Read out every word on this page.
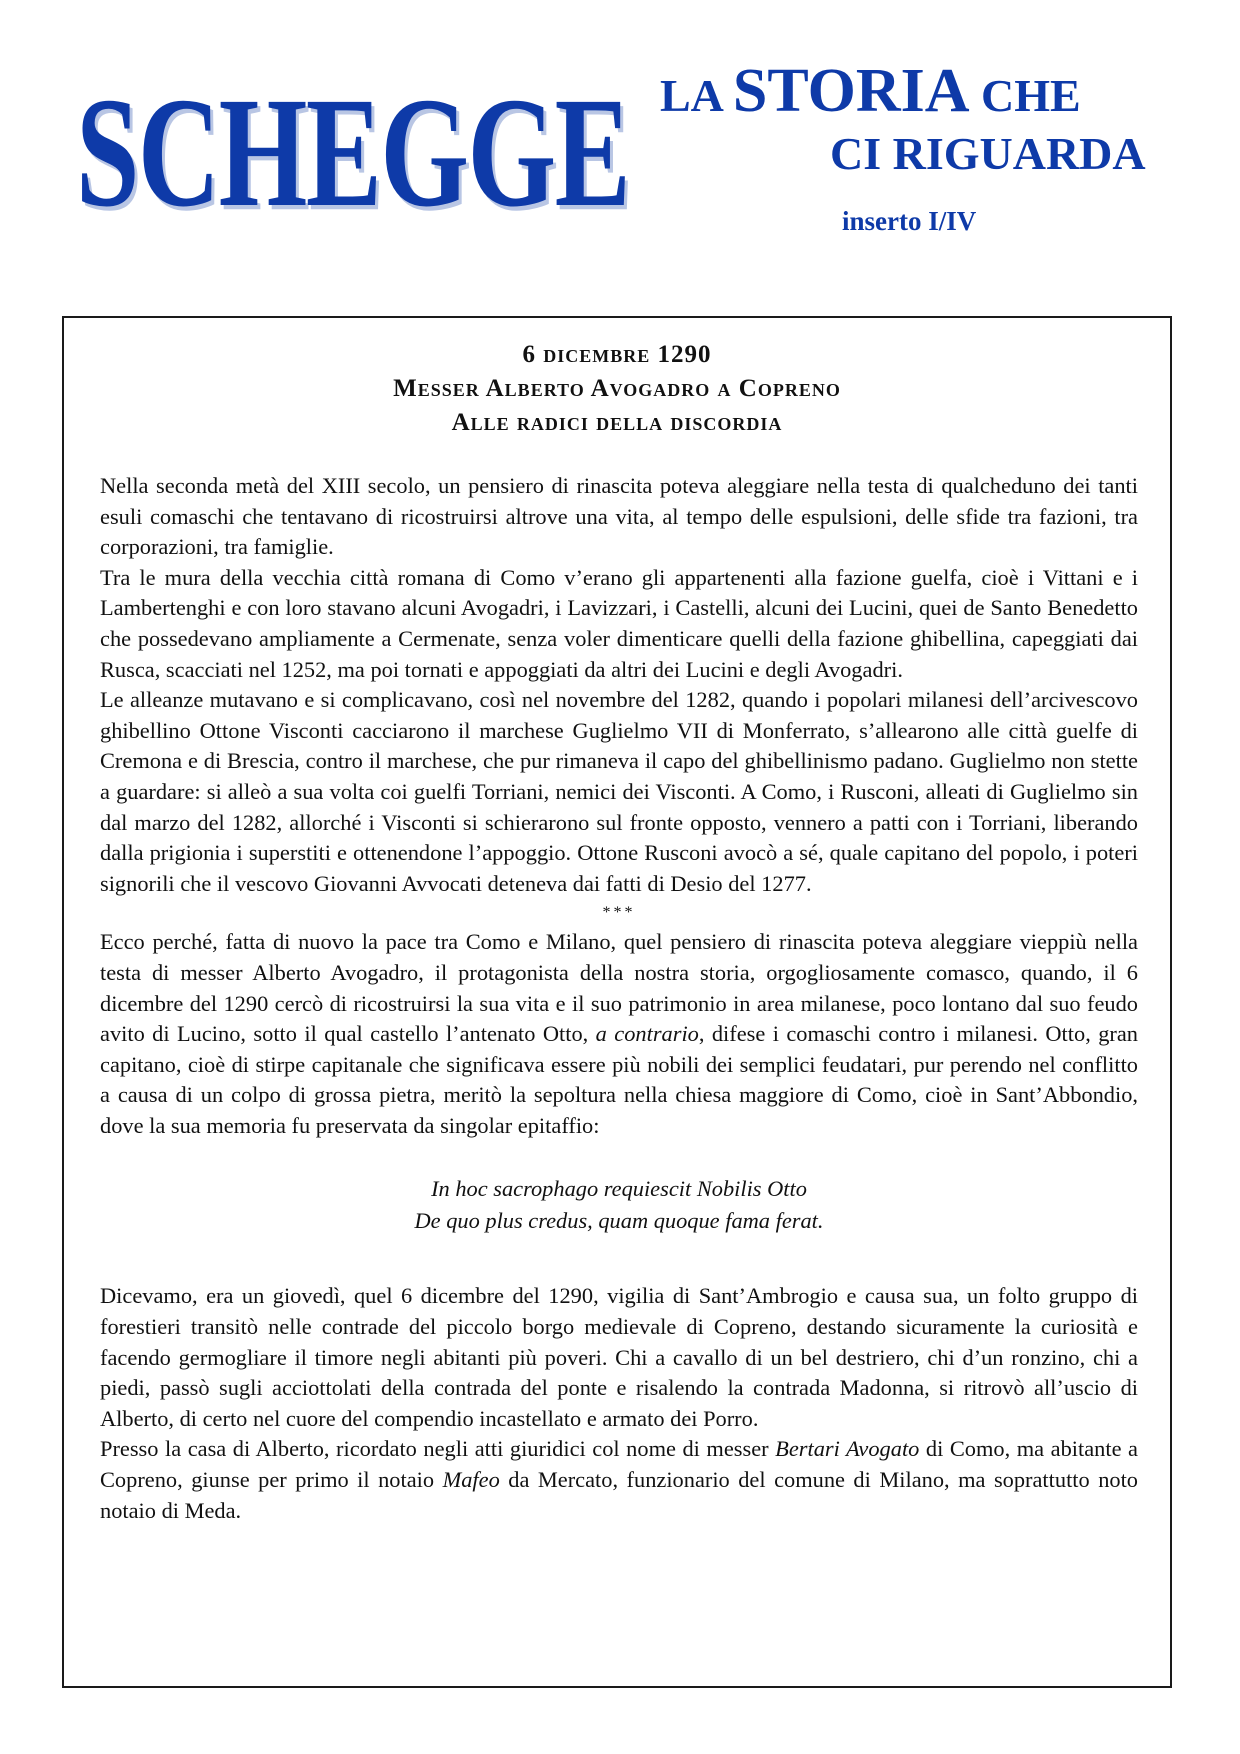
SCHEGGE LA STORIA CHE
CI RIGUARDA
inserto I/IV
6 dicembre 1290
Messer Alberto Avogadro a Copreno
Alle radici della discordia

Nella seconda metà del XIII secolo, un pensiero di rinascita poteva aleggiare nella testa di qualcheduno dei tanti esuli comaschi che tentavano di ricostruirsi altrove una vita, al tempo delle espulsioni, delle sfide tra fazioni, tra corporazioni, tra famiglie.

Tra le mura della vecchia città romana di Como v’erano gli appartenenti alla fazione guelfa, cioè i Vittani e i Lambertenghi e con loro stavano alcuni Avogadri, i Lavizzari, i Castelli, alcuni dei Lucini, quei de Santo Benedetto che possedevano ampliamente a Cermenate, senza voler dimenticare quelli della fazione ghibellina, capeggiati dai Rusca, scacciati nel 1252, ma poi tornati e appoggiati da altri dei Lucini e degli Avogadri.

Le alleanze mutavano e si complicavano, così nel novembre del 1282, quando i popolari milanesi dell’arcivescovo ghibellino Ottone Visconti cacciarono il marchese Guglielmo VII di Monferrato, s’allearono alle città guelfe di Cremona e di Brescia, contro il marchese, che pur rimaneva il capo del ghibellinismo padano. Guglielmo non stette a guardare: si alleò a sua volta coi guelfi Torriani, nemici dei Visconti. A Como, i Rusconi, alleati di Guglielmo sin dal marzo del 1282, allorché i Visconti si schierarono sul fronte opposto, vennero a patti con i Torriani, liberando dalla prigionia i superstiti e ottenendone l’appoggio. Ottone Rusconi avocò a sé, quale capitano del popolo, i poteri signorili che il vescovo Giovanni Avvocati deteneva dai fatti di Desio del 1277.

***

Ecco perché, fatta di nuovo la pace tra Como e Milano, quel pensiero di rinascita poteva aleggiare vieppiù nella testa di messer Alberto Avogadro, il protagonista della nostra storia, orgogliosamente comasco, quando, il 6 dicembre del 1290 cercò di ricostruirsi la sua vita e il suo patrimonio in area milanese, poco lontano dal suo feudo avito di Lucino, sotto il qual castello l’antenato Otto, a contrario, difese i comaschi contro i milanesi. Otto, gran capitano, cioè di stirpe capitanale che significava essere più nobili dei semplici feudatari, pur perendo nel conflitto a causa di un colpo di grossa pietra, meritò la sepoltura nella chiesa maggiore di Como, cioè in Sant’Abbondio, dove la sua memoria fu preservata da singolar epitaffio:

In hoc sacrophago requiescit Nobilis Otto
De quo plus credus, quam quoque fama ferat.

Dicevamo, era un giovedì, quel 6 dicembre del 1290, vigilia di Sant’Ambrogio e causa sua, un folto gruppo di forestieri transitò nelle contrade del piccolo borgo medievale di Copreno, destando sicuramente la curiosità e facendo germogliare il timore negli abitanti più poveri. Chi a cavallo di un bel destriero, chi d’un ronzino, chi a piedi, passò sugli acciottolati della contrada del ponte e risalendo la contrada Madonna, si ritrovò all’uscio di Alberto, di certo nel cuore del compendio incastellato e armato dei Porro.

Presso la casa di Alberto, ricordato negli atti giuridici col nome di messer Bertari Avogato di Como, ma abitante a Copreno, giunse per primo il notaio Mafeo da Mercato, funzionario del comune di Milano, ma soprattutto noto notaio di Meda.
